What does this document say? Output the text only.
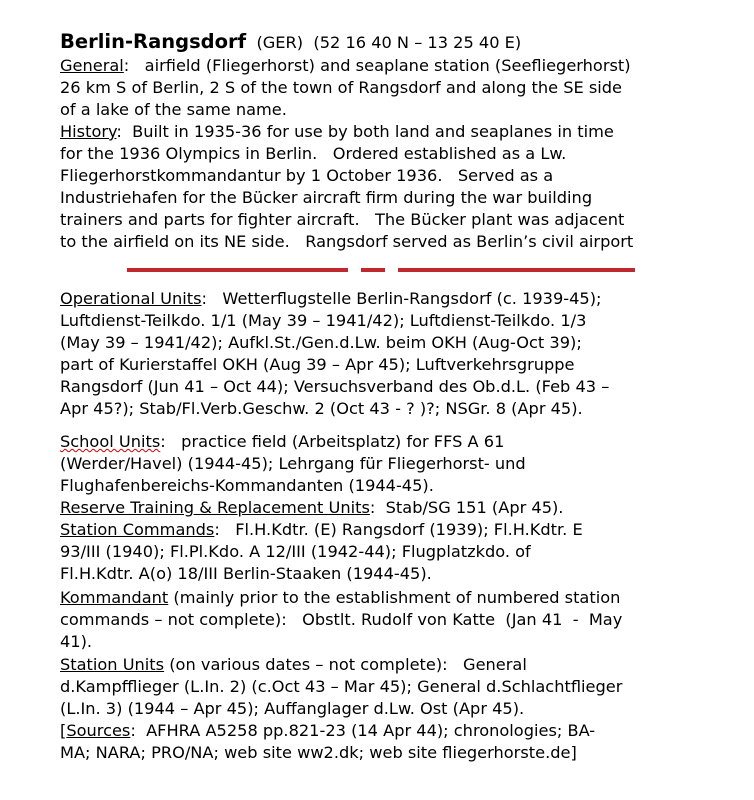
Berlin-Rangsdorf (GER) (52 16 40 N – 13 25 40 E)
General:   airfield (Fliegerhorst) and seaplane station (Seefliegerhorst)
26 km S of Berlin, 2 S of the town of Rangsdorf and along the SE side
of a lake of the same name.
History:  Built in 1935-36 for use by both land and seaplanes in time
for the 1936 Olympics in Berlin.   Ordered established as a Lw.
Fliegerhorstkommandantur by 1 October 1936.   Served as a
Industriehafen for the Bücker aircraft firm during the war building
trainers and parts for fighter aircraft.   The Bücker plant was adjacent
to the airfield on its NE side.   Rangsdorf served as Berlin’s civil airport
Operational Units:   Wetterflugstelle Berlin-Rangsdorf (c. 1939-45);
Luftdienst-Teilkdo. 1/1 (May 39 – 1941/42); Luftdienst-Teilkdo. 1/3
(May 39 – 1941/42); Aufkl.St./Gen.d.Lw. beim OKH (Aug-Oct 39);
part of Kurierstaffel OKH (Aug 39 – Apr 45); Luftverkehrsgruppe
Rangsdorf (Jun 41 – Oct 44); Versuchsverband des Ob.d.L. (Feb 43 –
Apr 45?); Stab/Fl.Verb.Geschw. 2 (Oct 43 - ? )?; NSGr. 8 (Apr 45).
School Units:   practice field (Arbeitsplatz) for FFS A 61
(Werder/Havel) (1944-45); Lehrgang für Fliegerhorst- und
Flughafenbereichs-Kommandanten (1944-45).
Reserve Training & Replacement Units:  Stab/SG 151 (Apr 45).
Station Commands:   Fl.H.Kdtr. (E) Rangsdorf (1939); Fl.H.Kdtr. E
93/III (1940); Fl.Pl.Kdo. A 12/III (1942-44); Flugplatzkdo. of
Fl.H.Kdtr. A(o) 18/III Berlin-Staaken (1944-45).
Kommandant (mainly prior to the establishment of numbered station
commands – not complete):   Obstlt. Rudolf von Katte  (Jan 41  -  May
41).
Station Units (on various dates – not complete):   General
d.Kampfflieger (L.In. 2) (c.Oct 43 – Mar 45); General d.Schlachtflieger
(L.In. 3) (1944 – Apr 45); Auffanglager d.Lw. Ost (Apr 45).
[Sources:  AFHRA A5258 pp.821-23 (14 Apr 44); chronologies; BA-
MA; NARA; PRO/NA; web site ww2.dk; web site fliegerhorste.de]
